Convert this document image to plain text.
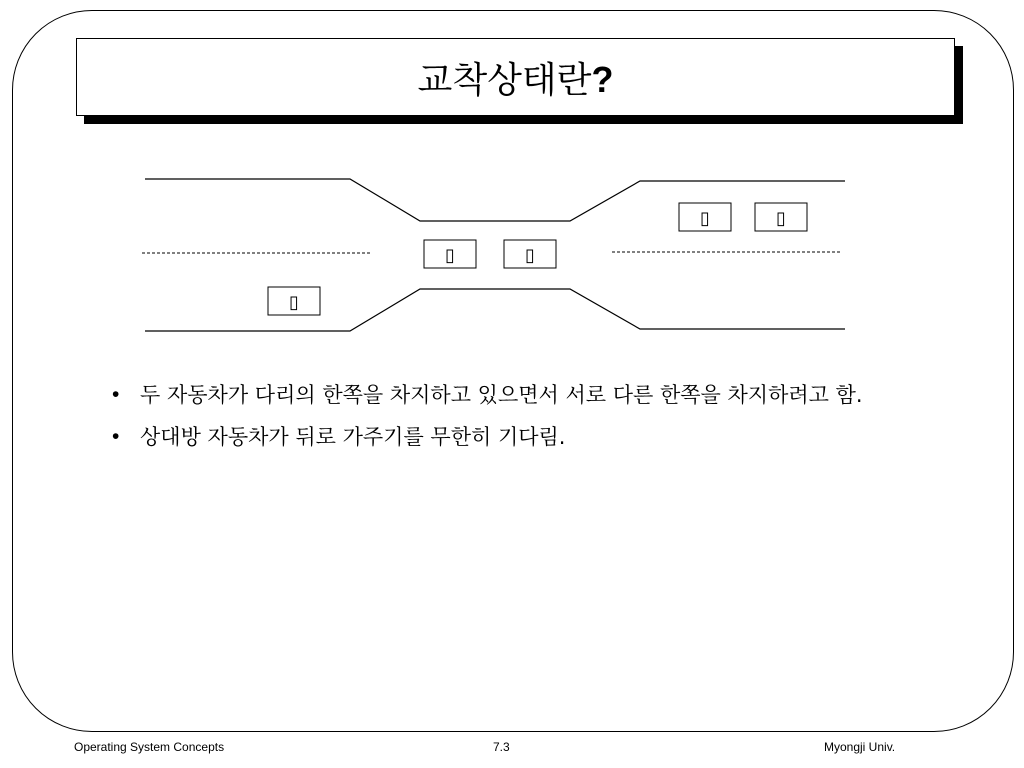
교착상태란?
▯	▯
▯	▯
▯
• 두 자동차가 다리의 한쪽을 차지하고 있으면서 서로 다른 한쪽을 차지하려고 함.
• 상대방 자동차가 뒤로 가주기를 무한히 기다림.
Operating System Concepts	7.3	Myongji Univ.
